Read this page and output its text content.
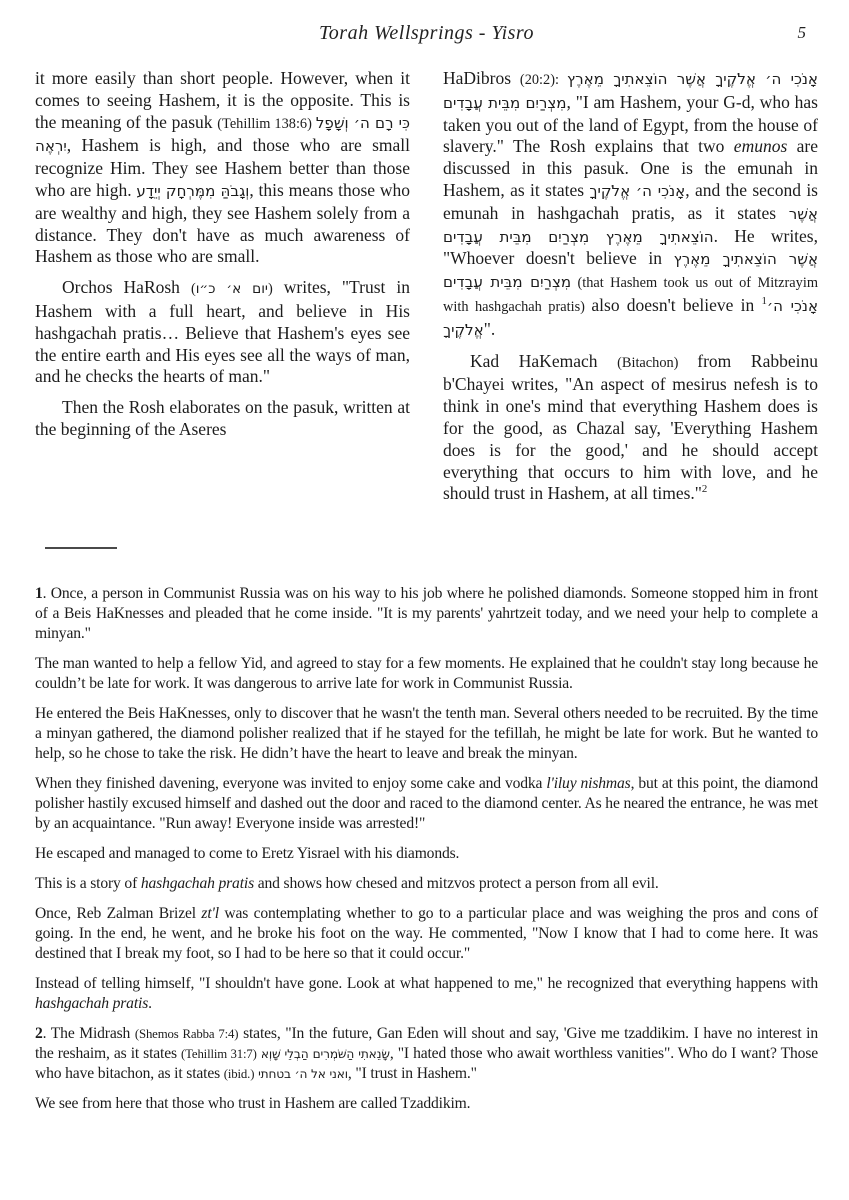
Torah Wellsprings - Yisro	5

it more easily than short people. However, when it comes to seeing Hashem, it is the opposite. This is the meaning of the pasuk (Tehillim 138:6) כִּי רָם ה׳ וְשָׁפָל יִרְאֶה, Hashem is high, and those who are small recognize Him. They see Hashem better than those who are high. וְגָבֹהַּ מִמֶּרְחָק יְיֵדָע, this means those who are wealthy and high, they see Hashem solely from a distance. They don't have as much awareness of Hashem as those who are small.

Orchos HaRosh (יום א׳ כ״ו) writes, "Trust in Hashem with a full heart, and believe in His hashgachah pratis… Believe that Hashem's eyes see the entire earth and His eyes see all the ways of man, and he checks the hearts of man."

Then the Rosh elaborates on the pasuk, written at the beginning of the Aseres

HaDibros (20:2): אָנֹכִי ה׳ אֱלֹקֶיךָ אֲשֶׁר הוֹצֵאתִיךָ מֵאֶרֶץ מִצְרַיִם מִבֵּית עֲבָדִים, "I am Hashem, your G-d, who has taken you out of the land of Egypt, from the house of slavery." The Rosh explains that two emunos are discussed in this pasuk. One is the emunah in Hashem, as it states אָנֹכִי ה׳ אֱלֹקֶיךָ, and the second is emunah in hashgachah pratis, as it states אֲשֶׁר הוֹצֵאתִיךָ מֵאֶרֶץ מִצְרַיִם מִבֵּית עֲבָדִים. He writes, "Whoever doesn't believe in אֲשֶׁר הוֹצֵאתִיךָ מֵאֶרֶץ מִצְרַיִם מִבֵּית עֲבָדִים (that Hashem took us out of Mitzrayim with hashgachah pratis) also doesn't believe in $^1$אָנֹכִי ה׳ אֱלֹקֶיךָ".

Kad HaKemach (Bitachon) from Rabbeinu b'Chayei writes, "An aspect of mesirus nefesh is to think in one's mind that everything Hashem does is for the good, as Chazal say, 'Everything Hashem does is for the good,' and he should accept everything that occurs to him with love, and he should trust in Hashem, at all times."$^2$

1. Once, a person in Communist Russia was on his way to his job where he polished diamonds. Someone stopped him in front of a Beis HaKnesses and pleaded that he come inside. "It is my parents' yahrtzeit today, and we need your help to complete a minyan."

The man wanted to help a fellow Yid, and agreed to stay for a few moments. He explained that he couldn't stay long because he couldn’t be late for work. It was dangerous to arrive late for work in Communist Russia.

He entered the Beis HaKnesses, only to discover that he wasn't the tenth man. Several others needed to be recruited. By the time a minyan gathered, the diamond polisher realized that if he stayed for the tefillah, he might be late for work. But he wanted to help, so he chose to take the risk. He didn’t have the heart to leave and break the minyan.

When they finished davening, everyone was invited to enjoy some cake and vodka l'iluy nishmas, but at this point, the diamond polisher hastily excused himself and dashed out the door and raced to the diamond center. As he neared the entrance, he was met by an acquaintance. "Run away! Everyone inside was arrested!"

He escaped and managed to come to Eretz Yisrael with his diamonds.

This is a story of hashgachah pratis and shows how chesed and mitzvos protect a person from all evil.

Once, Reb Zalman Brizel zt'l was contemplating whether to go to a particular place and was weighing the pros and cons of going. In the end, he went, and he broke his foot on the way. He commented, "Now I know that I had to come here. It was destined that I break my foot, so I had to be here so that it could occur."

Instead of telling himself, "I shouldn't have gone. Look at what happened to me," he recognized that everything happens with hashgachah pratis.

2. The Midrash (Shemos Rabba 7:4) states, "In the future, Gan Eden will shout and say, 'Give me tzaddikim. I have no interest in the reshaim, as it states (Tehillim 31:7) שָׂנֵאתִי הַשֹּׁמְרִים הַבְלֵי שָׁוְא, "I hated those who await worthless vanities". Who do I want? Those who have bitachon, as it states (ibid.) ואני אל ה׳ בטחתי, "I trust in Hashem."

We see from here that those who trust in Hashem are called Tzaddikim.
